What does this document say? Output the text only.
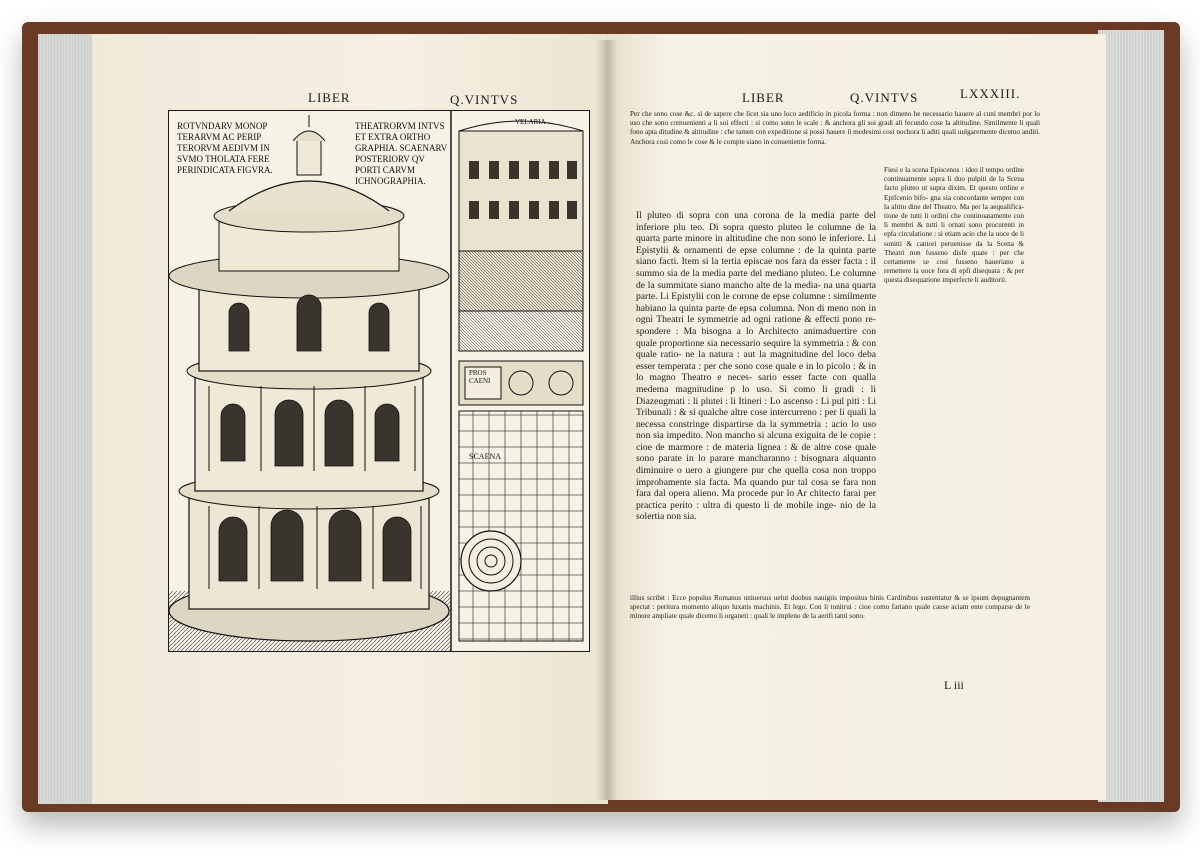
LIBER	Q.VINTVS
ROTVNDARV MONOP TERARVM AC PERIP TERORVM AEDIVM IN SVMO THOLATA FERE PERINDICATA FIGVRA.
THEATRORVM INTVS ET EXTRA ORTHO GRAPHIA. SCAENARV POSTERIORV QV PORTI CARVM ICHNOGRAPHIA.
VELARIA
PROS CAENI
SCAENA
LIBER	Q.VINTVS	LXXXIII.
Per che sono cose &c. si de sapere che licet sia uno loco aedificio in picola forma : non dimeno he necessario hauere al cuni membri por lo uso che sono comuenienti a li soi effecti : si como sono le scale : & anchora gli soi gradi ali fecundo cose la altitudine. Similmente li quali fono apta ditudine & altitudine : che tamen con expeditione si possi hauere li medesimi cosi nochora li aditi quali uulgaremente dicemo anditi. Anchora cosi como le cose & le compte siano in conueniente forma.
Il pluteo di sopra con una corona de la media parte del inferiore plu teo. Di sopra questo pluteo le columne de la quarta parte minore in altitudine che non sono le inferiore. Li Epistylii & ornamenti de epse columne : de la quinta parte siano facti. Item si la tertia episcae nos fara da esser facta : il summo sia de la media parte del mediano pluteo. Le columne de la summitate siano mancho alte de la media- na una quarta parte. Li Epistylii con le corone de epse columne : similmente habiano la quinta parte de epsa columna. Non di meno non in ogni Theatri le symmetrie ad ogni ratione & effecti pono re- spondere : Ma bisogna a lo Architecto animaduertire con quale proportione sia necessario sequire la symmetria : & con quale ratio- ne la natura : aut la magnitudine del loco deba esser temperata : per che sono cose quale e in lo picolo : & in lo magno Theatro e neces- sario esser facte con qualla medema magnitudine p lo uso. Si como li gradi : li Diazeugmati : li plutei : li Itineri : Lo ascenso : Li pul piti : Li Tribunali : & si qualche altre cose intercurreno : per li quali la necessa constringe dispartirse da la symmetria : acio lo uso non sia impedito. Non mancho si alcuna exiguita de le copie : cioe de marmore : de materia lignea : & de altre cose quale sono parate in lo parare mancharanno : bisognara alquanto diminuire o uero a giungere pur che quella cosa non troppo improbamente sia facta. Ma quando pur tal cosa se fara non fara dal opera alieno. Ma procede pur lo Ar chitecto farai per practica perito : ultra di questo li de mobile inge- nio de la solertia non sia.
Fiesi e la scena Episcenos : ideo il tempo ordine continuamente sopra li duo pulpiti de la Scena facto pluteo ut supra dixim. Et questo ordine e Epifcenio bifo- gna sia concordante sempre con la altitu dine del Theatro. Ma per la aequalifica- tione de tutti li ordini che continuatamente con li membri & tutti li ornati sono procurenti in epfa circulatione : si etiam acio che la uoce de li sonitti & cantori peruenisse da la Scena & Theatri non fusseno disfe quate : per che certamente se cosi fusseno haueriano a remettere la uoce fora di epfi disequata : & per questa disequatione imperfecte li auditorii.
illius scribit : Ecce populus Romanus uniuersus uelut duobus nauigiis impositus binis Cardinibus sustentatur & se ipsum depugnantem spectat : peritura momento aliquo luxatis machinis. Et lego. Con li tonitrui : cioe como fariano quale cause aciam ente comparse de le minore ampliate quale dicemo li organeti : quali le impleno de la aerifi tanti sono.
L iii
